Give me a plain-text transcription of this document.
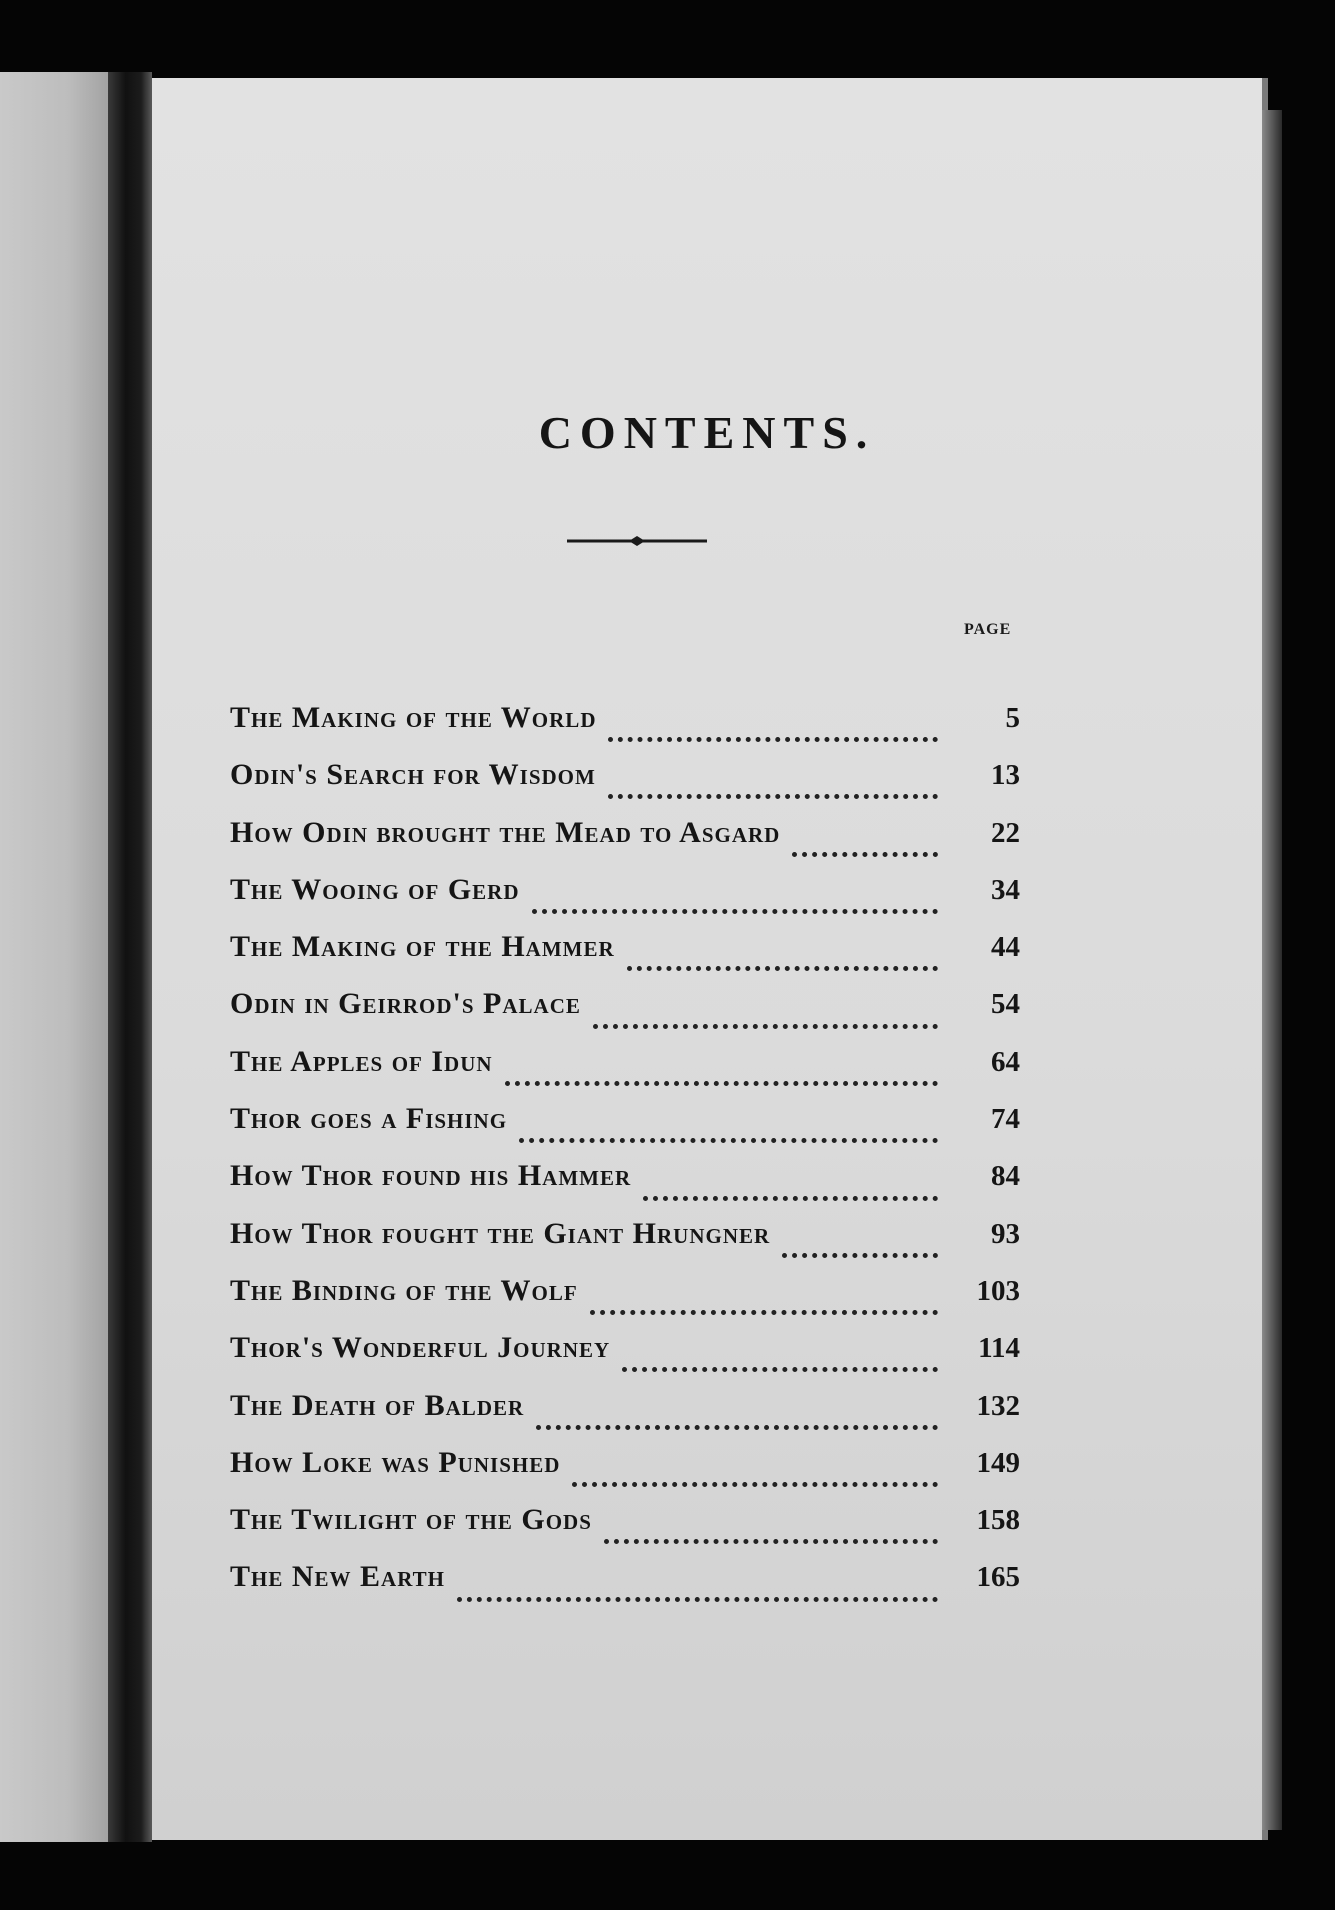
CONTENTS.
PAGE
The Making of the World	5
Odin's Search for Wisdom	13
How Odin brought the Mead to Asgard	22
The Wooing of Gerd	34
The Making of the Hammer	44
Odin in Geirrod's Palace	54
The Apples of Idun	64
Thor goes a Fishing	74
How Thor found his Hammer	84
How Thor fought the Giant Hrungner	93
The Binding of the Wolf	103
Thor's Wonderful Journey	114
The Death of Balder	132
How Loke was Punished	149
The Twilight of the Gods	158
The New Earth	165
